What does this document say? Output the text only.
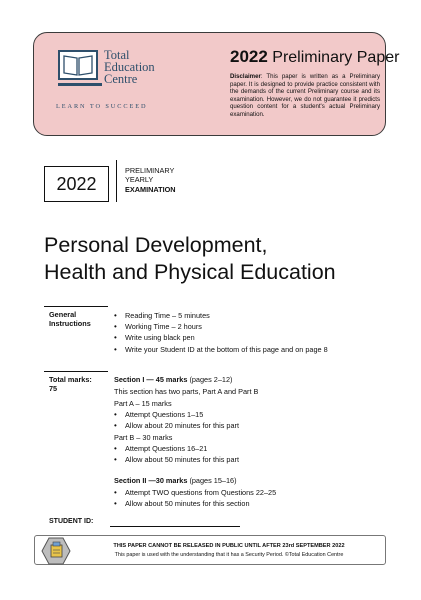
Total
Education
Centre
LEARN TO SUCCEED
2022 Preliminary Paper
Disclaimer: This paper is written as a Preliminary paper. It is designed to provide practice consistent with the demands of the current Preliminary course and its examination. However, we do not guarantee it predicts question content for a student's actual Preliminary examination.
2022
PRELIMINARY
YEARLY
EXAMINATION
Personal Development,
Health and Physical Education
General
Instructions
• Reading Time – 5 minutes
• Working Time – 2 hours
• Write using black pen
• Write your Student ID at the bottom of this page and on page 8
Total marks:
75
Section I — 45 marks (pages 2–12)
This section has two parts, Part A and Part B
Part A – 15 marks
• Attempt Questions 1–15
• Allow about 20 minutes for this part
Part B – 30 marks
• Attempt Questions 16–21
• Allow about 50 minutes for this part
Section II —30 marks (pages 15–16)
• Attempt TWO questions from Questions 22–25
• Allow about 50 minutes for this section
STUDENT ID:
THIS PAPER CANNOT BE RELEASED IN PUBLIC UNTIL AFTER 23rd SEPTEMBER 2022
This paper is used with the understanding that it has a Security Period. ©Total Education Centre
